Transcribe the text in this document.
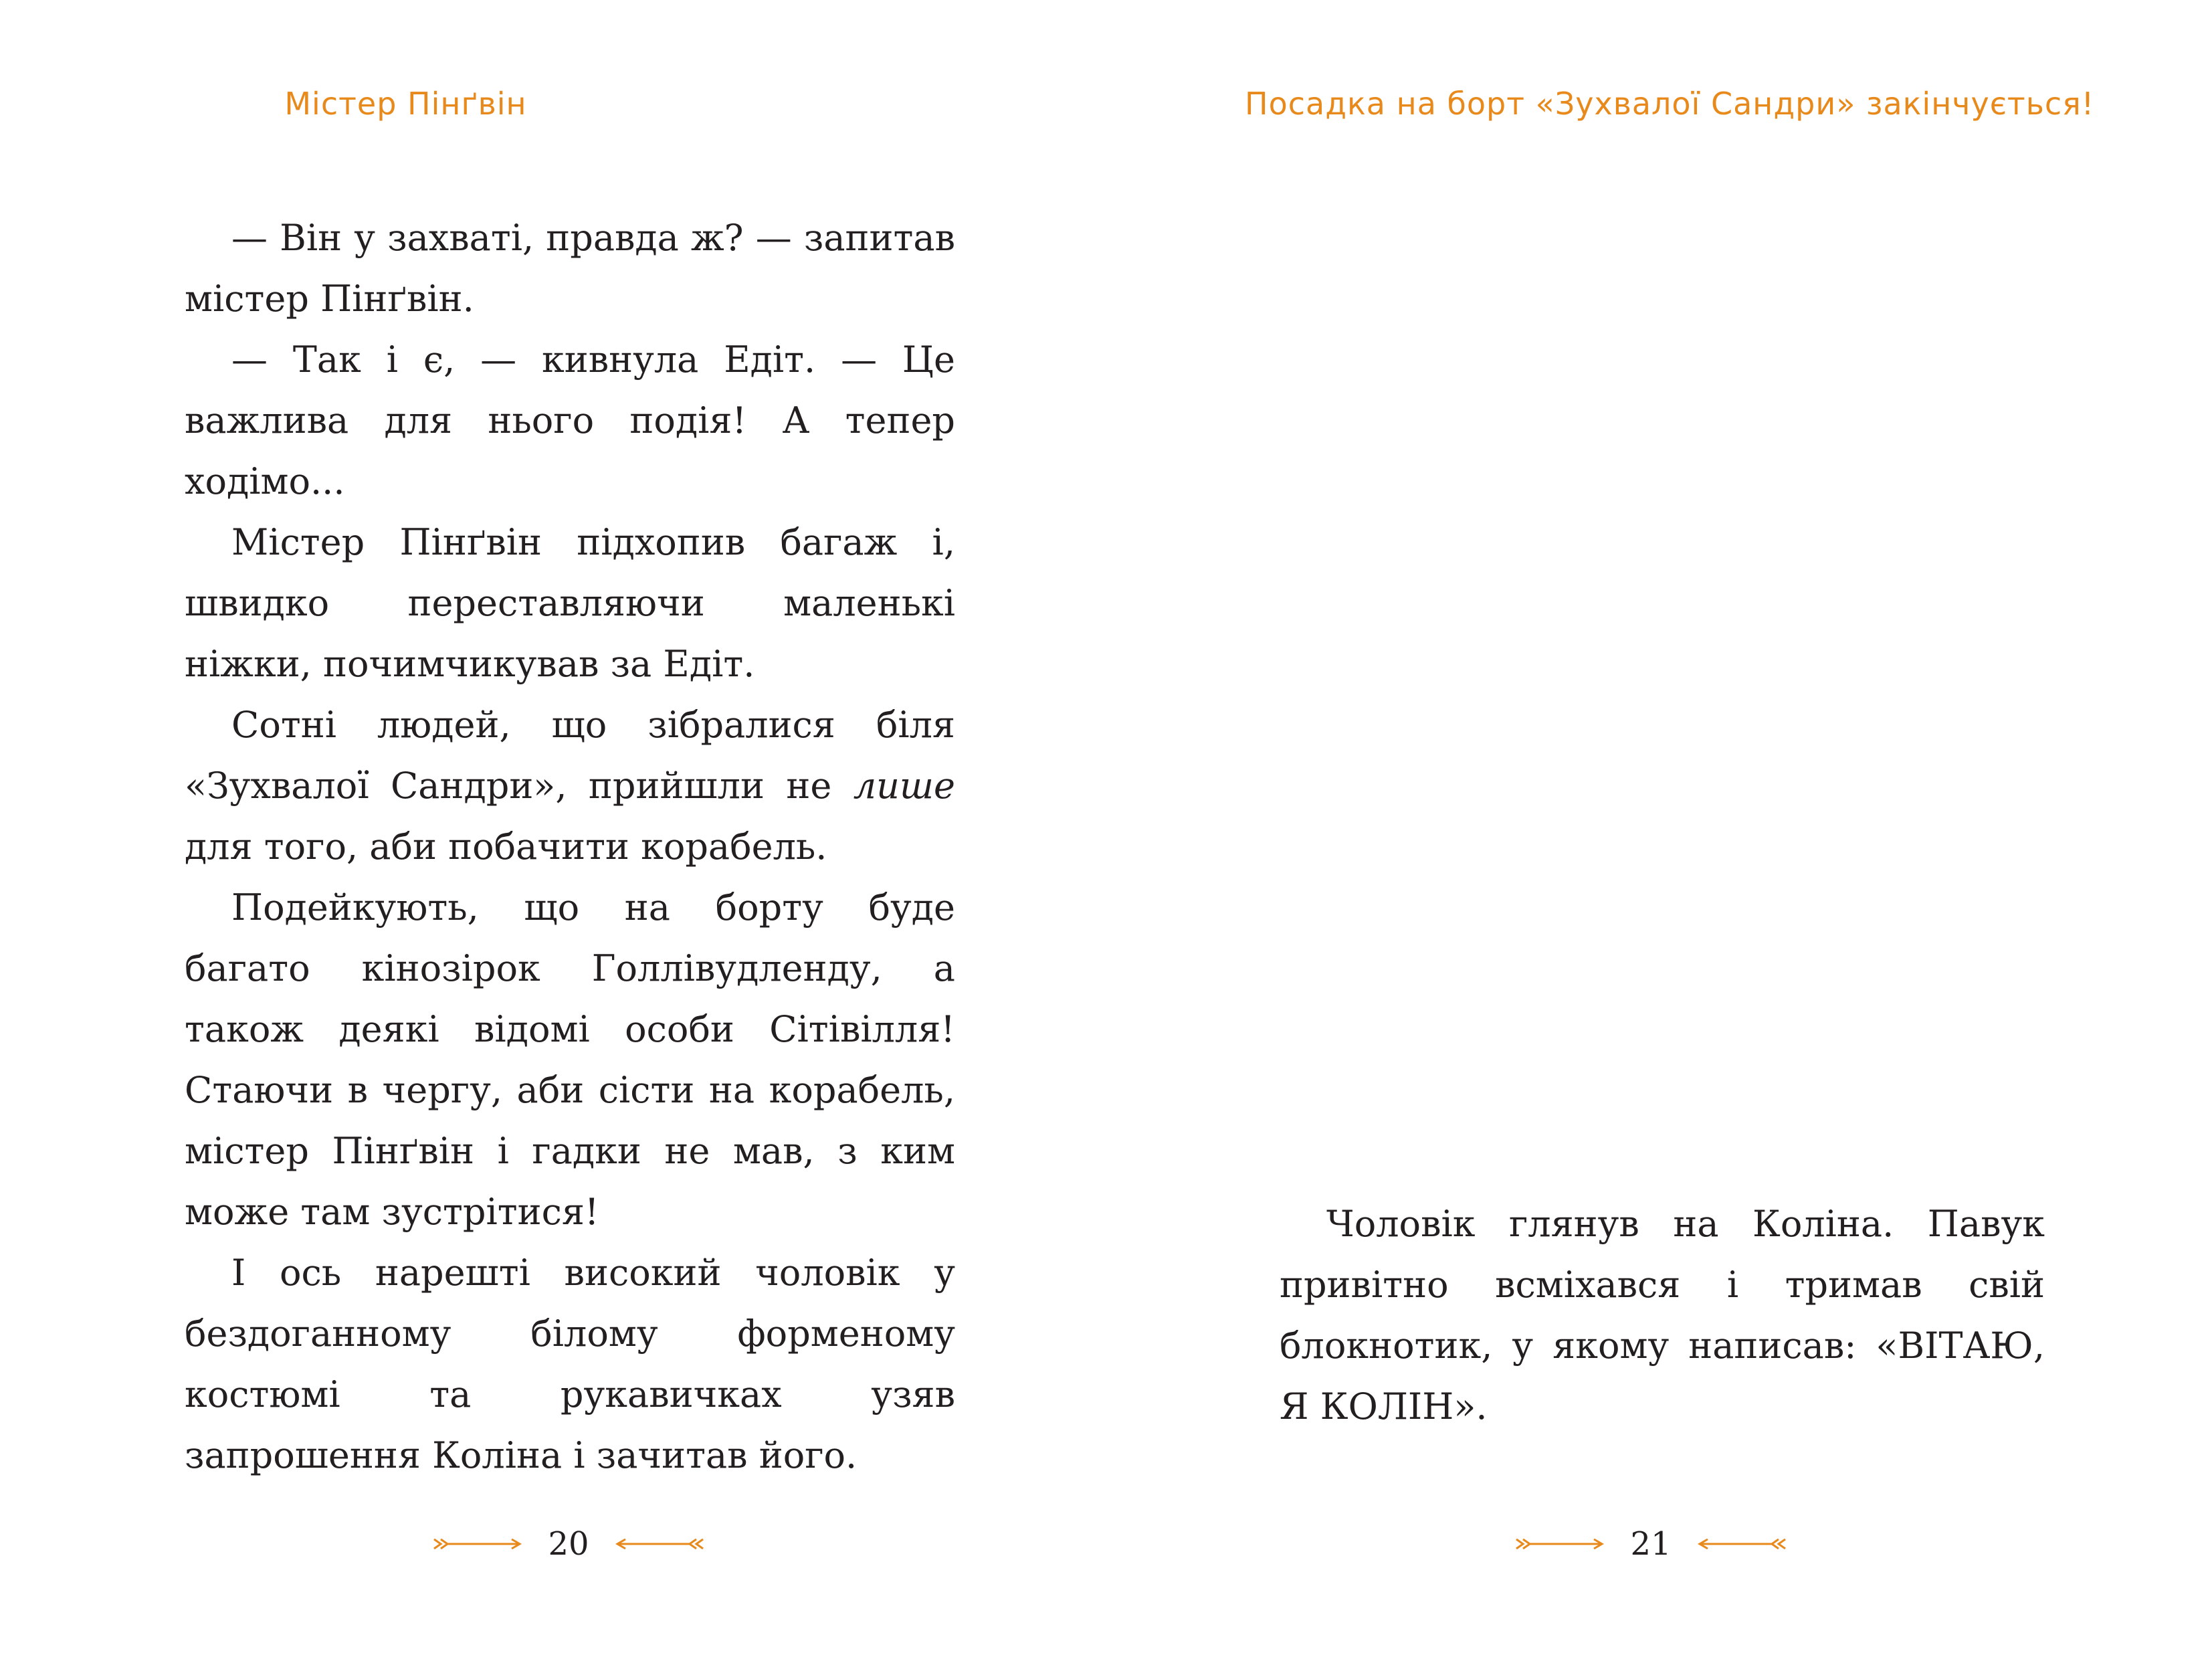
Містер Пінґвін

— Він у захваті, правда ж? — запитав містер Пінґвін.

— Так і є, — кивнула Едіт. — Це важлива для нього подія! А тепер ходімо...

Містер Пінґвін підхопив багаж і, швидко переставляючи маленькі ніжки, почимчикував за Едіт.

Сотні людей, що зібралися біля «Зухвалої Сандри», прийшли не лише для того, аби побачити корабель.

Подейкують, що на борту буде багато кінозірок Голлівудленду, а також деякі відомі особи Сітівілля! Стаючи в чергу, аби сісти на корабель, містер Пінґвін і гадки не мав, з ким може там зустрітися!

І ось нарешті високий чоловік у бездоганному білому форменому костюмі та рукавичках узяв запрошення Коліна і зачитав його.

20
Посадка на борт «Зухвалої Сандри» закінчується!

Чоловік глянув на Коліна. Павук привітно всміхався і тримав свій блокнотик, у якому написав: «ВІТАЮ, Я КОЛІН».

21
